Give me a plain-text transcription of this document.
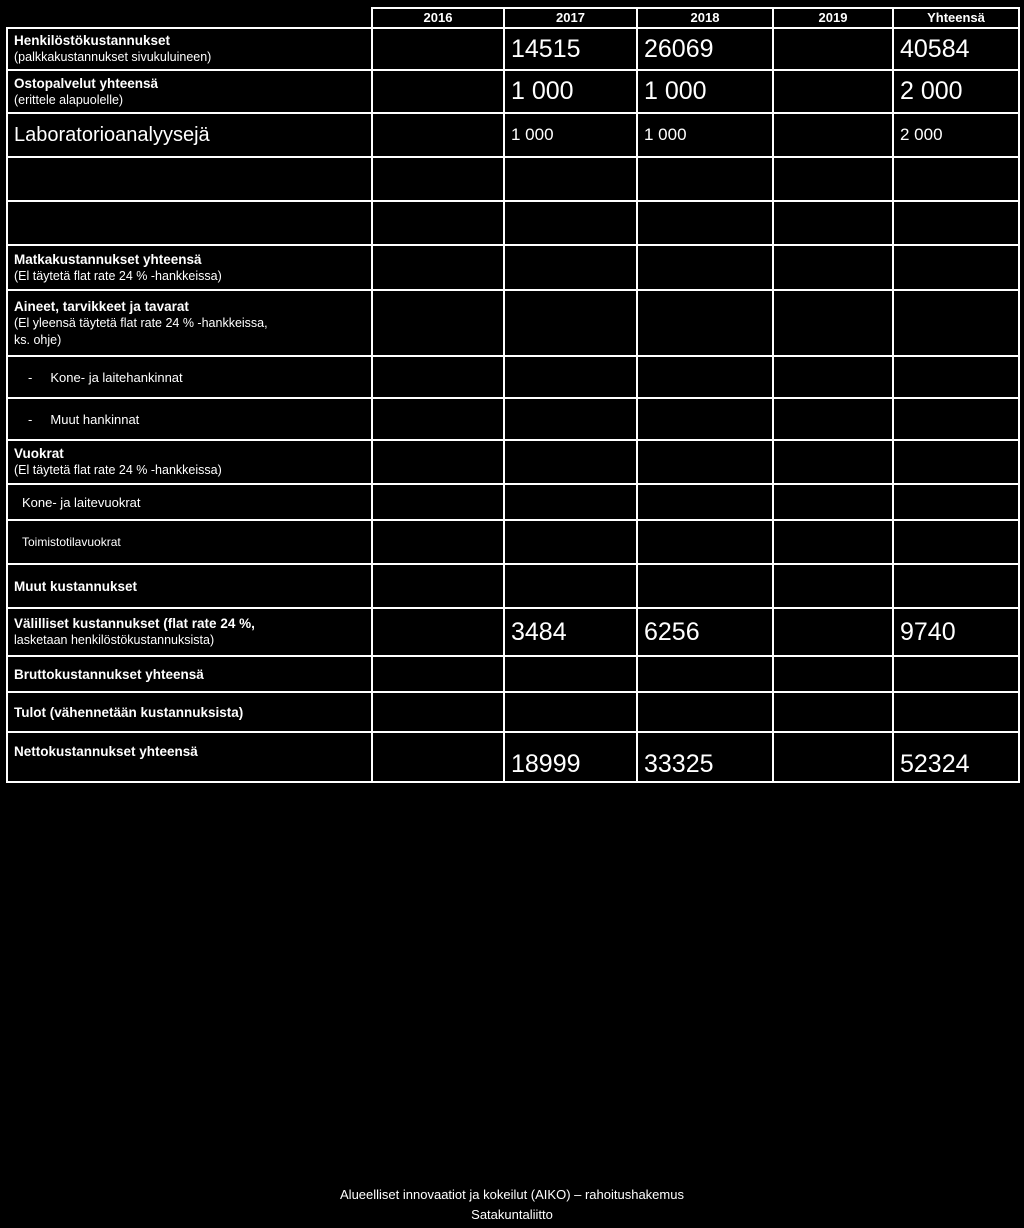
	2016	2017	2018	2019	Yhteensä
Henkilöstökustannukset
(palkkakustannukset sivukuluineen)		14515	26069		40584
Ostopalvelut yhteensä
(erittele alapuolelle)		1 000	1 000		2 000
Laboratorioanalyysejä		1 000	1 000		2 000

Matkakustannukset yhteensä
(El täytetä flat rate 24 % -hankkeissa)					

Aineet, tarvikkeet ja tavarat
(El yleensä täytetä flat rate 24 % -hankkeissa,
ks. ohje)					

-     Kone- ja laitehankinnat					
-     Muut hankinnat					
Vuokrat
(El täytetä flat rate 24 % -hankkeissa)					

Kone- ja laitevuokrat					
Toimistotilavuokrat					
Muut kustannukset					
Välilliset kustannukset (flat rate 24 %,
lasketaan henkilöstökustannuksista)		3484	6256		9740
Bruttokustannukset yhteensä					
Tulot (vähennetään kustannuksista)					
Nettokustannukset yhteensä		18999	33325		52324
Alueelliset innovaatiot ja kokeilut (AIKO) – rahoitushakemus
Satakuntaliitto
